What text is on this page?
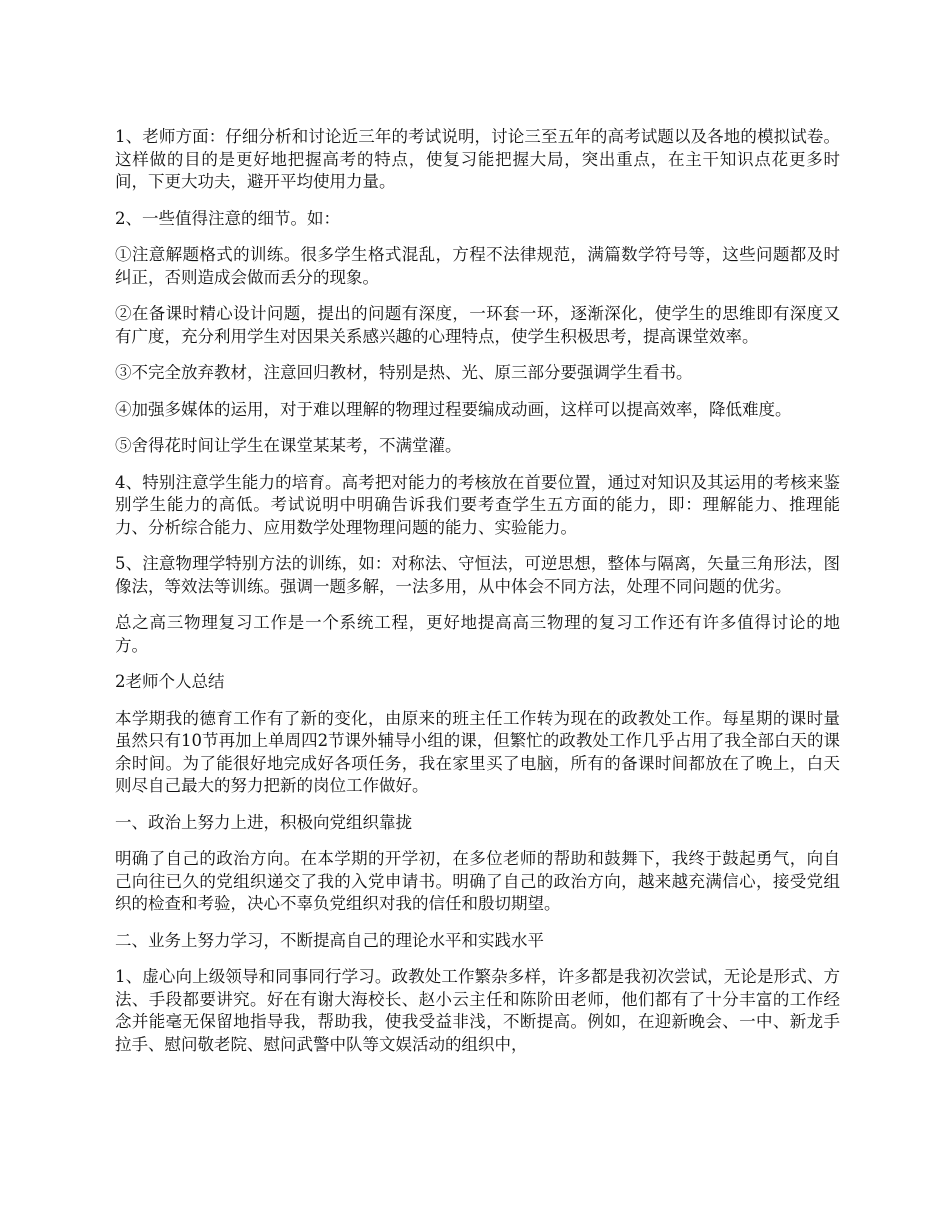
1、老师方面：仔细分析和讨论近三年的考试说明，讨论三至五年的高考试题以及各地的模拟试卷。这样做的目的是更好地把握高考的特点，使复习能把握大局，突出重点，在主干知识点花更多时间，下更大功夫，避开平均使用力量。

2、一些值得注意的细节。如：

①注意解题格式的训练。很多学生格式混乱，方程不法律规范，满篇数学符号等，这些问题都及时纠正，否则造成会做而丢分的现象。

②在备课时精心设计问题，提出的问题有深度，一环套一环，逐渐深化，使学生的思维即有深度又有广度，充分利用学生对因果关系感兴趣的心理特点，使学生积极思考，提高课堂效率。

③不完全放弃教材，注意回归教材，特别是热、光、原三部分要强调学生看书。

④加强多媒体的运用，对于难以理解的物理过程要编成动画，这样可以提高效率，降低难度。

⑤舍得花时间让学生在课堂某某考，不满堂灌。

4、特别注意学生能力的培育。高考把对能力的考核放在首要位置，通过对知识及其运用的考核来鉴别学生能力的高低。考试说明中明确告诉我们要考查学生五方面的能力，即：理解能力、推理能力、分析综合能力、应用数学处理物理问题的能力、实验能力。

5、注意物理学特别方法的训练，如：对称法、守恒法，可逆思想，整体与隔离，矢量三角形法，图像法，等效法等训练。强调一题多解，一法多用，从中体会不同方法，处理不同问题的优劣。

总之高三物理复习工作是一个系统工程，更好地提高高三物理的复习工作还有许多值得讨论的地方。

2老师个人总结

本学期我的德育工作有了新的变化，由原来的班主任工作转为现在的政教处工作。每星期的课时量虽然只有10节再加上单周四2节课外辅导小组的课，但繁忙的政教处工作几乎占用了我全部白天的课余时间。为了能很好地完成好各项任务，我在家里买了电脑，所有的备课时间都放在了晚上，白天则尽自己最大的努力把新的岗位工作做好。

一、政治上努力上进，积极向党组织靠拢

明确了自己的政治方向。在本学期的开学初，在多位老师的帮助和鼓舞下，我终于鼓起勇气，向自己向往已久的党组织递交了我的入党申请书。明确了自己的政治方向，越来越充满信心，接受党组织的检查和考验，决心不辜负党组织对我的信任和殷切期望。

二、业务上努力学习，不断提高自己的理论水平和实践水平

1、虚心向上级领导和同事同行学习。政教处工作繁杂多样，许多都是我初次尝试，无论是形式、方法、手段都要讲究。好在有谢大海校长、赵小云主任和陈阶田老师，他们都有了十分丰富的工作经念并能毫无保留地指导我，帮助我，使我受益非浅，不断提高。例如，在迎新晚会、一中、新龙手拉手、慰问敬老院、慰问武警中队等文娱活动的组织中，
